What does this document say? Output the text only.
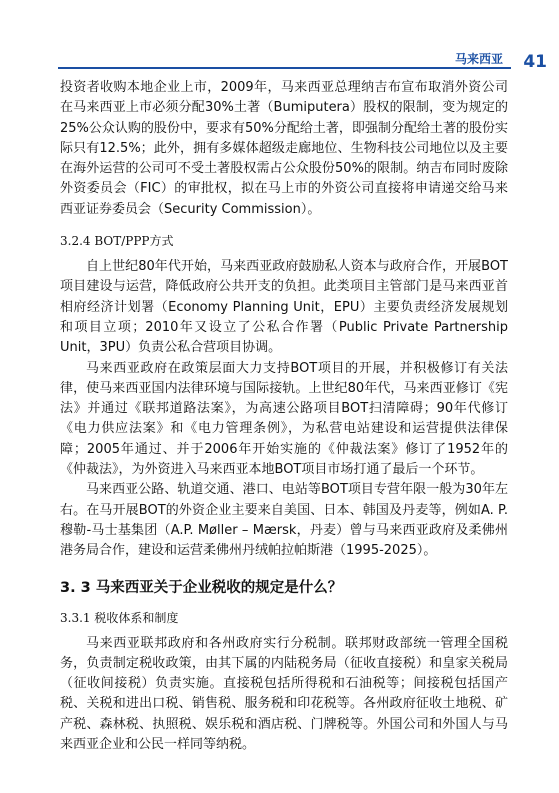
马来西亚 41

投资者收购本地企业上市，2009年，马来西亚总理纳吉布宣布取消外资公司在马来西亚上市必须分配30%土著（Bumiputera）股权的限制，变为规定的25%公众认购的股份中，要求有50%分配给土著，即强制分配给土著的股份实际只有12.5%；此外，拥有多媒体超级走廊地位、生物科技公司地位以及主要在海外运营的公司可不受土著股权需占公众股份50%的限制。纳吉布同时废除外资委员会（FIC）的审批权，拟在马上市的外资公司直接将申请递交给马来西亚证券委员会（Security Commission）。

3.2.4 BOT/PPP方式

自上世纪80年代开始，马来西亚政府鼓励私人资本与政府合作，开展BOT项目建设与运营，降低政府公共开支的负担。此类项目主管部门是马来西亚首相府经济计划署（Economy Planning Unit，EPU）主要负责经济发展规划和项目立项；2010年又设立了公私合作署（Public Private Partnership Unit，3PU）负责公私合营项目协调。

马来西亚政府在政策层面大力支持BOT项目的开展，并积极修订有关法律，使马来西亚国内法律环境与国际接轨。上世纪80年代，马来西亚修订《宪法》并通过《联邦道路法案》，为高速公路项目BOT扫清障碍；90年代修订《电力供应法案》和《电力管理条例》，为私营电站建设和运营提供法律保障；2005年通过、并于2006年开始实施的《仲裁法案》修订了1952年的《仲裁法》，为外资进入马来西亚本地BOT项目市场打通了最后一个环节。

马来西亚公路、轨道交通、港口、电站等BOT项目专营年限一般为30年左右。在马开展BOT的外资企业主要来自美国、日本、韩国及丹麦等，例如A. P. 穆勒-马士基集团（A.P. Møller – Mærsk，丹麦）曾与马来西亚政府及柔佛州港务局合作，建设和运营柔佛州丹绒帕拉帕斯港（1995-2025）。

3. 3 马来西亚关于企业税收的规定是什么？
3.3.1 税收体系和制度

马来西亚联邦政府和各州政府实行分税制。联邦财政部统一管理全国税务，负责制定税收政策，由其下属的内陆税务局（征收直接税）和皇家关税局（征收间接税）负责实施。直接税包括所得税和石油税等；间接税包括国产税、关税和进出口税、销售税、服务税和印花税等。各州政府征收土地税、矿产税、森林税、执照税、娱乐税和酒店税、门牌税等。外国公司和外国人与马来西亚企业和公民一样同等纳税。
